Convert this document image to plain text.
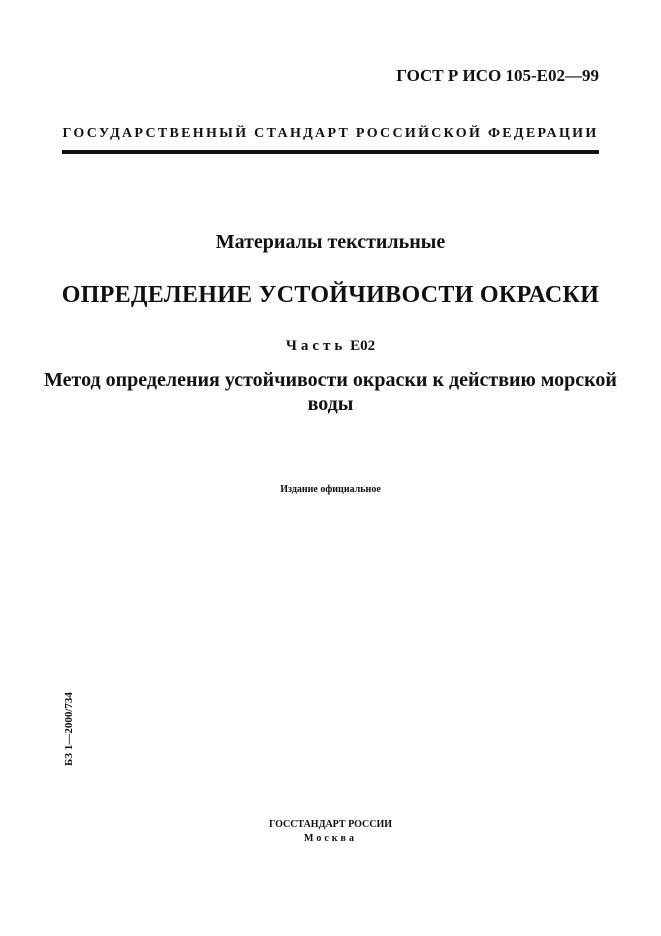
ГОСТ Р ИСО 105-Е02—99
ГОСУДАРСТВЕННЫЙ СТАНДАРТ РОССИЙСКОЙ ФЕДЕРАЦИИ
Материалы текстильные
ОПРЕДЕЛЕНИЕ УСТОЙЧИВОСТИ ОКРАСКИ
Часть Е02
Метод определения устойчивости окраски к действию морской воды
Издание официальное
БЗ 1—2000/734
ГОССТАНДАРТ РОССИИ
Москва
